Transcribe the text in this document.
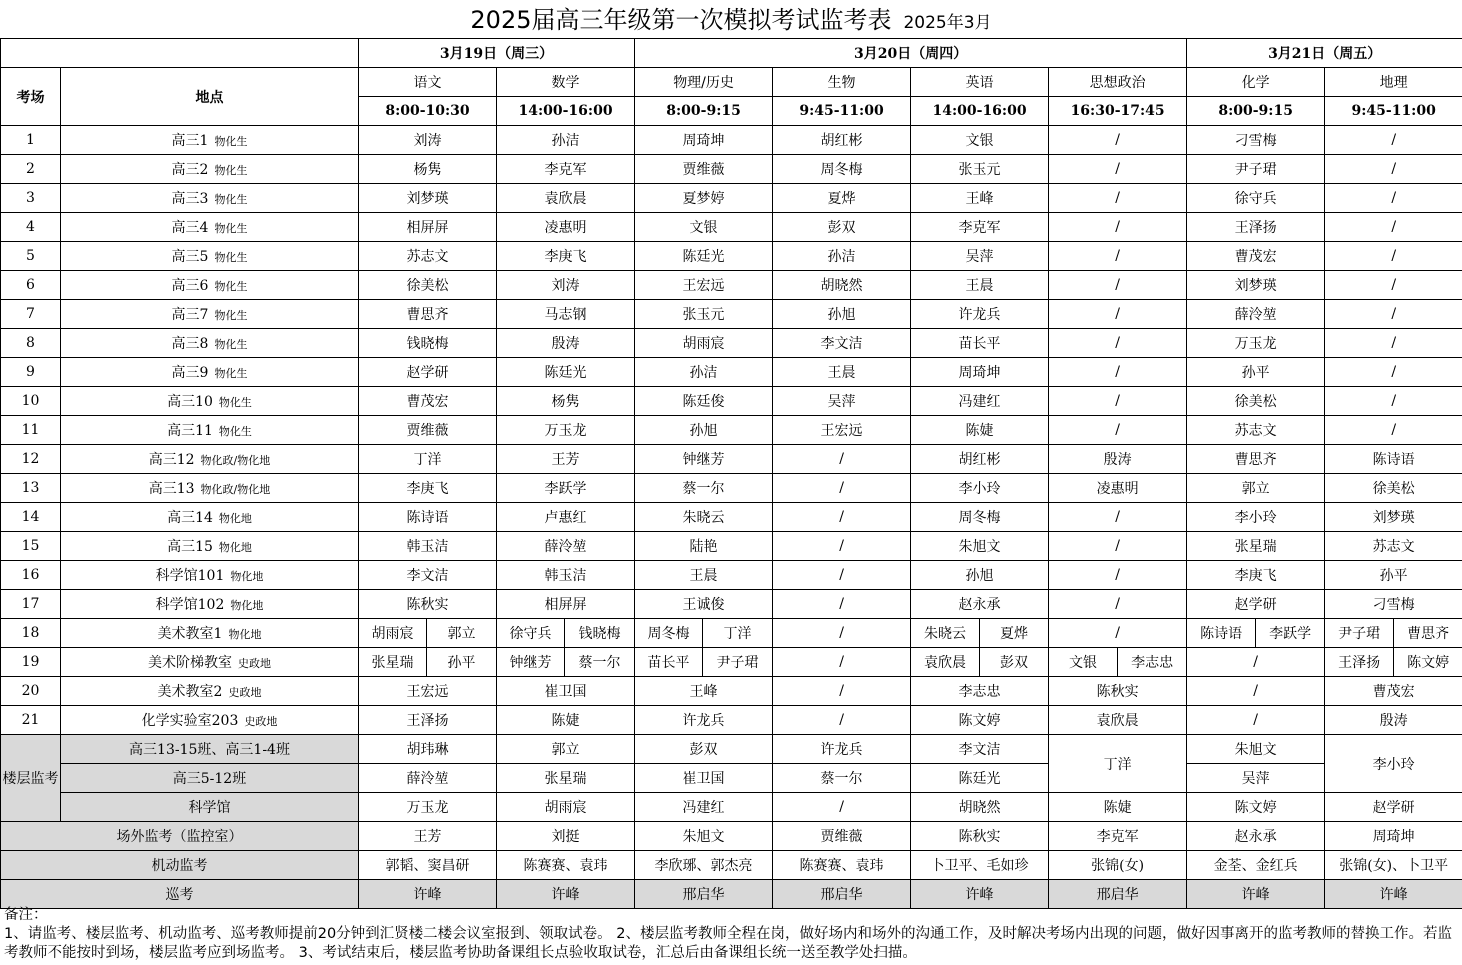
2025届高三年级第一次模拟考试监考表 2025年3月
		3月19日（周三）				3月20日（周四）							3月21日（周五）			
考场	地点	语文		数学		物理/历史		生物	英语		思想政治		化学		地理	
		8:00-10:30		14:00-16:00		8:00-9:15		9:45-11:00	14:00-16:00		16:30-17:45		8:00-9:15		9:45-11:00	
1	高三1 物化生	刘涛		孙洁		周琦坤		胡红彬	文银		/		刁雪梅		/	
2	高三2 物化生	杨隽		李克军		贾维薇		周冬梅	张玉元		/		尹子珺		/	
3	高三3 物化生	刘梦瑛		袁欣晨		夏梦婷		夏烨	王峰		/		徐守兵		/	
4	高三4 物化生	相屏屏		凌惠明		文银		彭双	李克军		/		王泽扬		/	
5	高三5 物化生	苏志文		李庚飞		陈廷光		孙洁	吴萍		/		曹茂宏		/	
6	高三6 物化生	徐美松		刘涛		王宏远		胡晓然	王晨		/		刘梦瑛		/	
7	高三7 物化生	曹思齐		马志钢		张玉元		孙旭	许龙兵		/		薛泠堃		/	
8	高三8 物化生	钱晓梅		殷涛		胡雨宸		李文洁	苗长平		/		万玉龙		/	
9	高三9 物化生	赵学研		陈廷光		孙洁		王晨	周琦坤		/		孙平		/	
10	高三10 物化生	曹茂宏		杨隽		陈廷俊		吴萍	冯建红		/		徐美松		/	
11	高三11 物化生	贾维薇		万玉龙		孙旭		王宏远	陈婕		/		苏志文		/	
12	高三12 物化政/物化地	丁洋		王芳		钟继芳		/	胡红彬		殷涛		曹思齐		陈诗语	
13	高三13 物化政/物化地	李庚飞		李跃学		蔡一尔		/	李小玲		凌惠明		郭立		徐美松	
14	高三14 物化地	陈诗语		卢惠红		朱晓云		/	周冬梅		/		李小玲		刘梦瑛	
15	高三15 物化地	韩玉洁		薛泠堃		陆艳		/	朱旭文		/		张星瑞		苏志文	
16	科学馆101 物化地	李文洁		韩玉洁		王晨		/	孙旭		/		李庚飞		孙平	
17	科学馆102 物化地	陈秋实		相屏屏		王诚俊		/	赵永承		/		赵学研		刁雪梅	
18	美术教室1 物化地	胡雨宸	郭立	徐守兵	钱晓梅	周冬梅	丁洋	/	朱晓云	夏烨	/		陈诗语	李跃学	尹子珺	曹思齐
19	美术阶梯教室 史政地	张星瑞	孙平	钟继芳	蔡一尔	苗长平	尹子珺	/	袁欣晨	彭双	文银	李志忠	/		王泽扬	陈文婷
20	美术教室2 史政地	王宏远		崔卫国		王峰		/	李志忠		陈秋实		/		曹茂宏	
21	化学实验室203 史政地	王泽扬		陈婕		许龙兵		/	陈文婷		袁欣晨		/		殷涛	
楼层监考	高三13-15班、高三1-4班	胡玮琳		郭立		彭双		许龙兵	李文洁		丁洋		朱旭文		李小玲	
	高三5-12班	薛泠堃		张星瑞		崔卫国		蔡一尔	陈廷光				吴萍			
	科学馆	万玉龙		胡雨宸		冯建红		/	胡晓然		陈婕		陈文婷		赵学研	
场外监考（监控室）		王芳		刘挺		朱旭文		贾维薇	陈秋实		李克军		赵永承		周琦坤	
机动监考		郭韬、窦昌研		陈赛赛、袁玮		李欣琊、郭杰亮		陈赛赛、袁玮	卜卫平、毛如珍		张锦(女)		金荃、金红兵		张锦(女)、卜卫平	
巡考		许峰		许峰		邢启华		邢启华	许峰		邢启华		许峰		许峰	
备注：
1、请监考、楼层监考、机动监考、巡考教师提前20分钟到汇贤楼二楼会议室报到、领取试卷。 2、楼层监考教师全程在岗，做好场内和场外的沟通工作，及时解决考场内出现的问题，做好因事离开的监考教师的替换工作。若监考教师不能按时到场，楼层监考应到场监考。 3、考试结束后，楼层监考协助备课组长点验收取试卷，汇总后由备课组长统一送至教学处扫描。
